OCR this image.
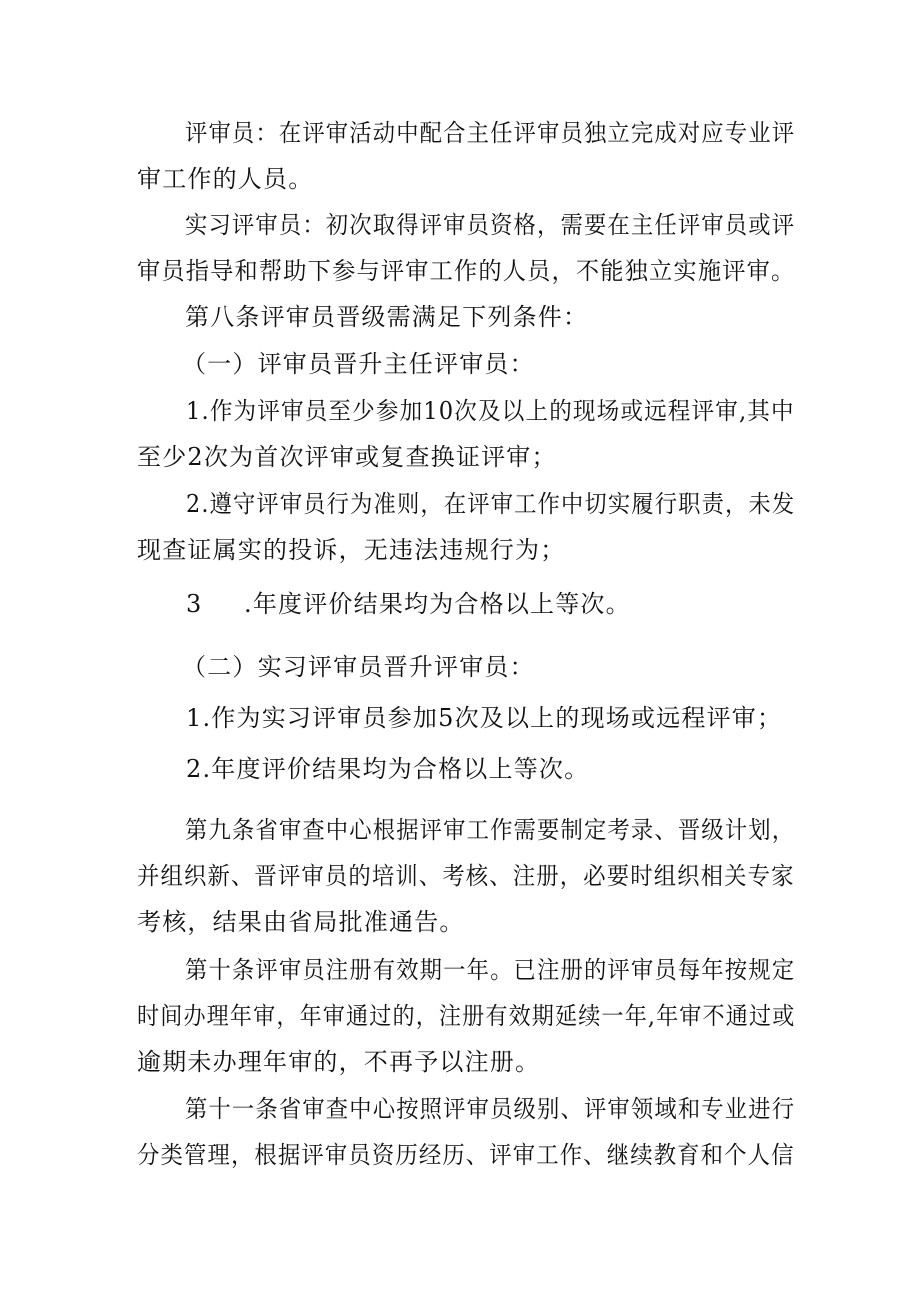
评审员：在评审活动中配合主任评审员独立完成对应专业评
审工作的人员。
实习评审员：初次取得评审员资格，需要在主任评审员或评
审员指导和帮助下参与评审工作的人员，不能独立实施评审。
第八条评审员晋级需满足下列条件：
（一）评审员晋升主任评审员：
1.作为评审员至少参加10次及以上的现场或远程评审,其中
至少2次为首次评审或复查换证评审；
2.遵守评审员行为准则，在评审工作中切实履行职责，未发
现查证属实的投诉，无违法违规行为；
3 .年度评价结果均为合格以上等次。
（二）实习评审员晋升评审员：
1.作为实习评审员参加5次及以上的现场或远程评审；
2.年度评价结果均为合格以上等次。
第九条省审查中心根据评审工作需要制定考录、晋级计划，
并组织新、晋评审员的培训、考核、注册，必要时组织相关专家
考核，结果由省局批准通告。
第十条评审员注册有效期一年。已注册的评审员每年按规定
时间办理年审，年审通过的，注册有效期延续一年,年审不通过或
逾期未办理年审的，不再予以注册。
第十一条省审查中心按照评审员级别、评审领域和专业进行
分类管理，根据评审员资历经历、评审工作、继续教育和个人信
